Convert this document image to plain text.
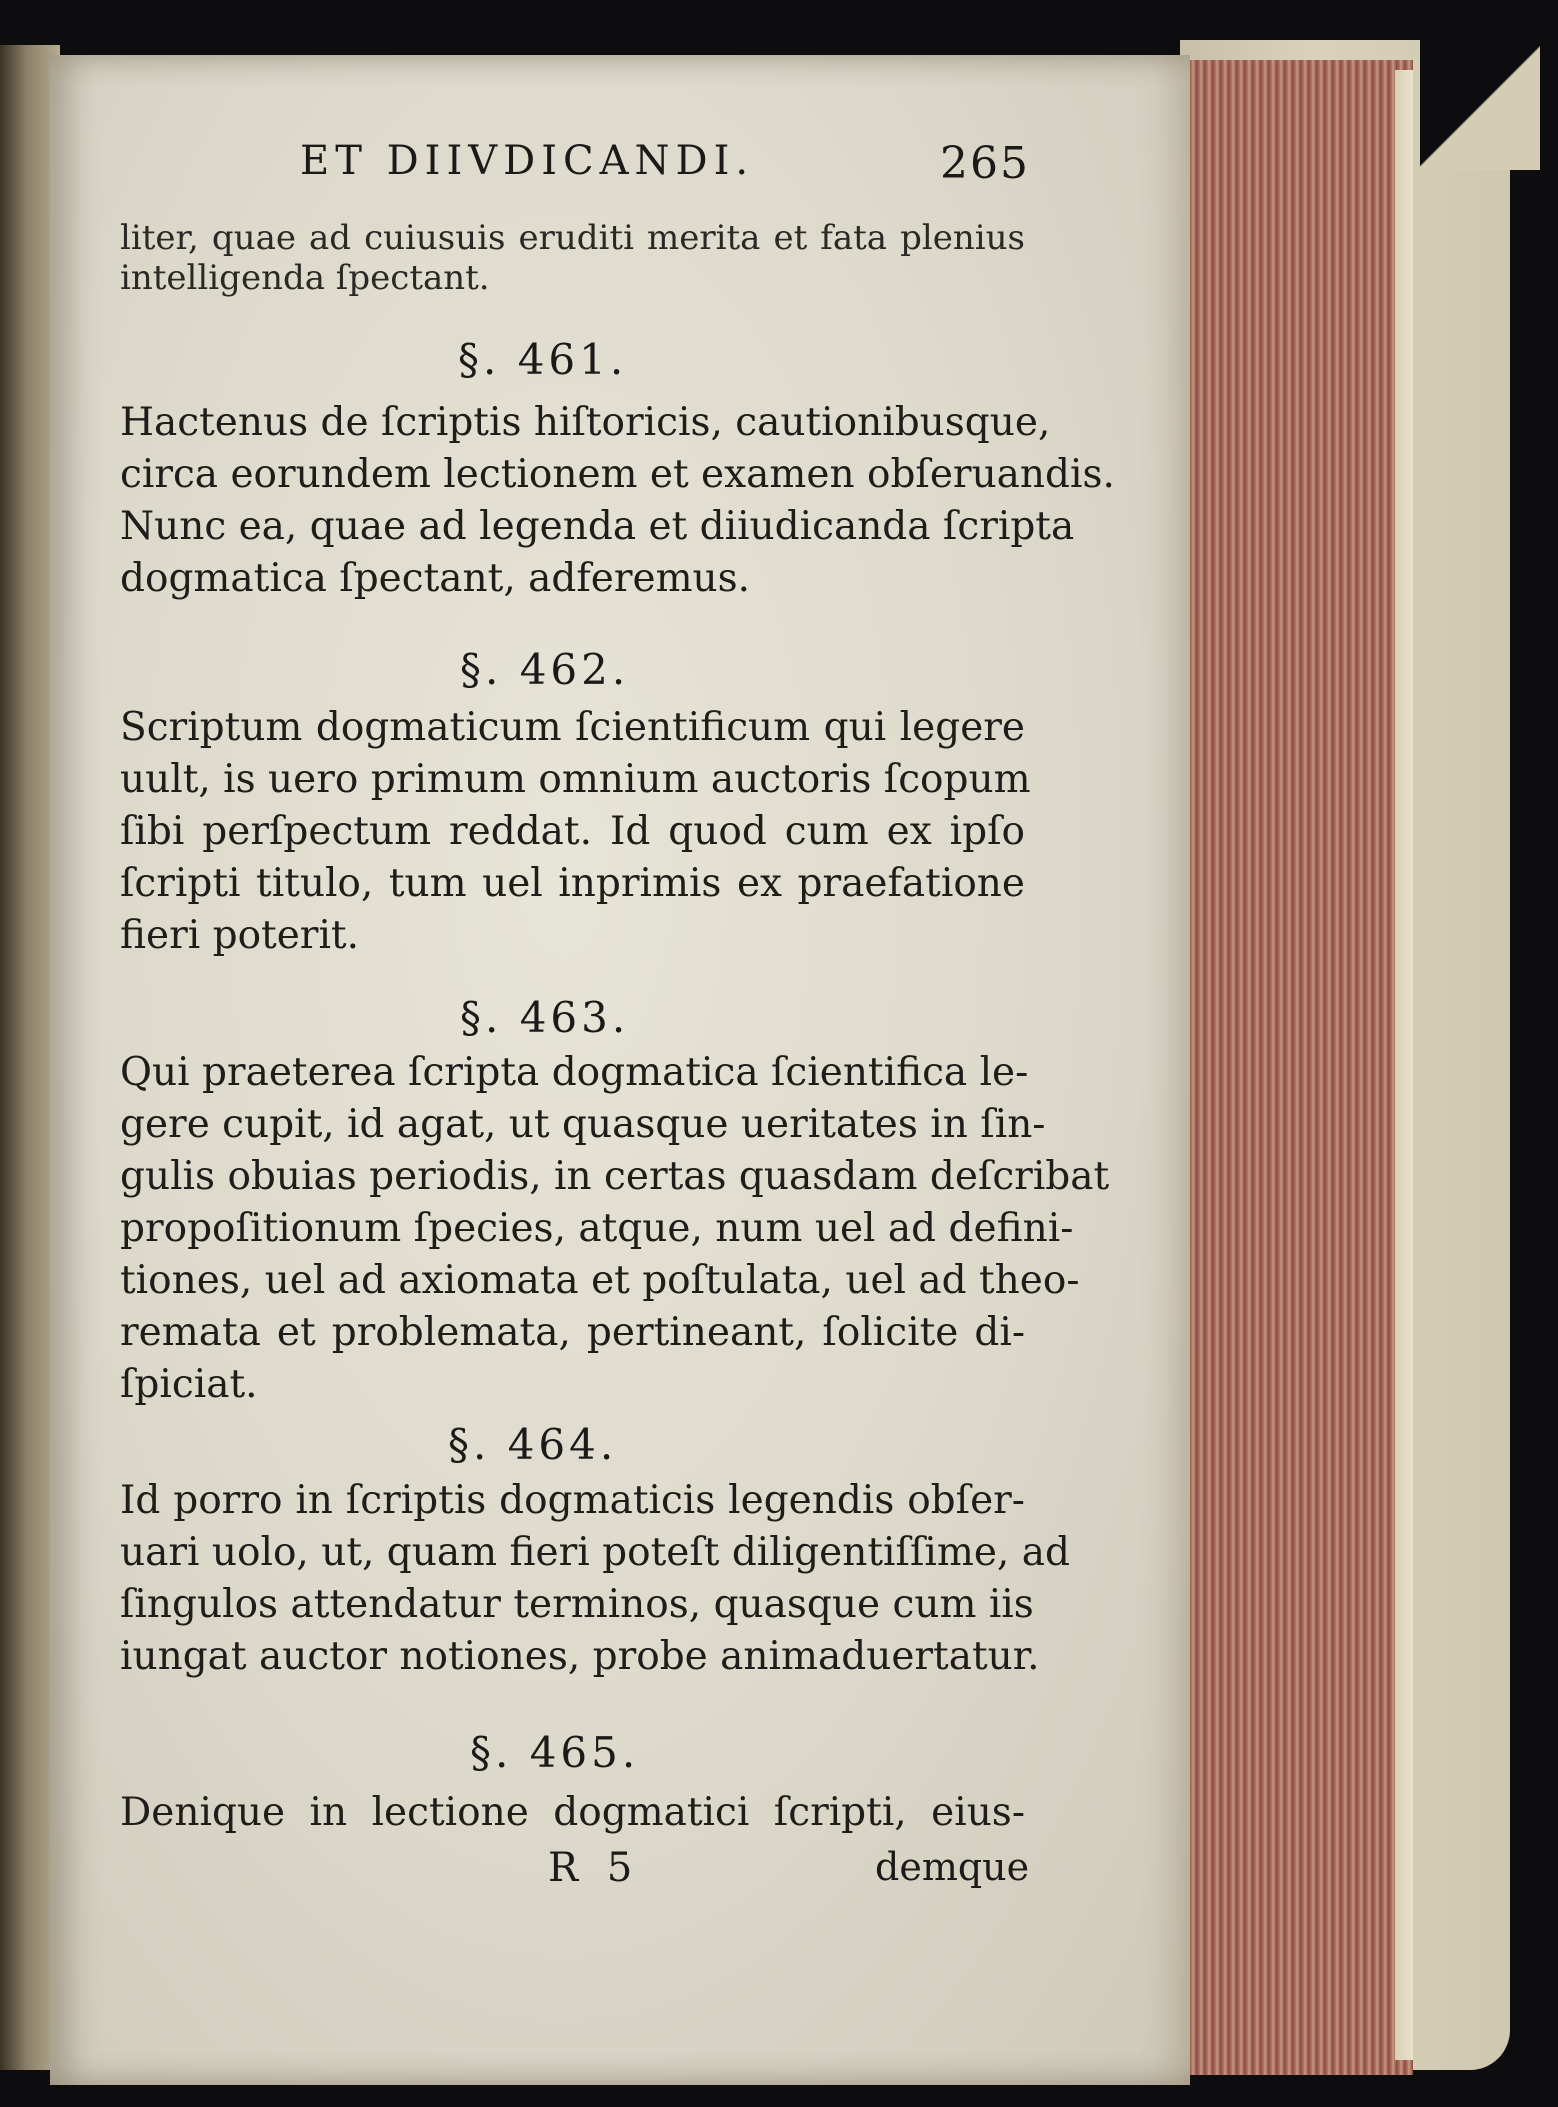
ET DIIVDICANDI.	265
liter, quae ad cuiusuis eruditi merita et fata plenius
intelligenda ſpectant.
§. 461.
Hactenus de ſcriptis hiſtoricis, cautionibusque,
circa eorundem lectionem et examen obſeruandis.
Nunc ea, quae ad legenda et diiudicanda ſcripta
dogmatica ſpectant, adferemus.
§. 462.
Scriptum dogmaticum ſcientificum qui legere
uult, is uero primum omnium auctoris ſcopum
ſibi perſpectum reddat. Id quod cum ex ipſo
ſcripti titulo, tum uel inprimis ex praefatione
fieri poterit.
§. 463.
Qui praeterea ſcripta dogmatica ſcientifica le-
gere cupit, id agat, ut quasque ueritates in ſin-
gulis obuias periodis, in certas quasdam deſcribat
propoſitionum ſpecies, atque, num uel ad defini-
tiones, uel ad axiomata et poſtulata, uel ad theo-
remata et problemata, pertineant, ſolicite di-
ſpiciat.
§. 464.
Id porro in ſcriptis dogmaticis legendis obſer-
uari uolo, ut, quam fieri poteſt diligentiſſime, ad
ſingulos attendatur terminos, quasque cum iis
iungat auctor notiones, probe animaduertatur.
§. 465.
Denique in lectione dogmatici ſcripti, eius-
R 5	demque
